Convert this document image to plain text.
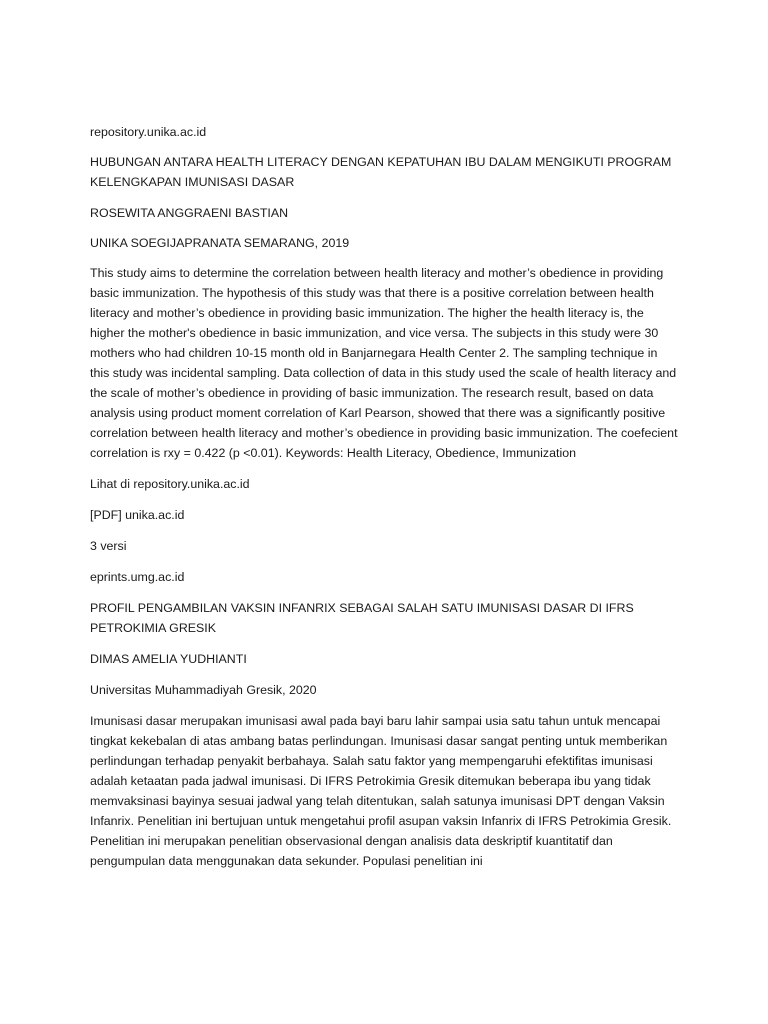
repository.unika.ac.id

HUBUNGAN ANTARA HEALTH LITERACY DENGAN KEPATUHAN IBU DALAM MENGIKUTI PROGRAM KELENGKAPAN IMUNISASI DASAR

ROSEWITA ANGGRAENI BASTIAN

UNIKA SOEGIJAPRANATA SEMARANG, 2019

This study aims to determine the correlation between health literacy and mother’s obedience in providing basic immunization. The hypothesis of this study was that there is a positive correlation between health literacy and mother’s obedience in providing basic immunization. The higher the health literacy is, the higher the mother's obedience in basic immunization, and vice versa. The subjects in this study were 30 mothers who had children 10-15 month old in Banjarnegara Health Center 2. The sampling technique in this study was incidental sampling. Data collection of data in this study used the scale of health literacy and the scale of mother’s obedience in providing of basic immunization. The research result, based on data analysis using product moment correlation of Karl Pearson, showed that there was a significantly positive correlation between health literacy and mother’s obedience in providing basic immunization. The coefecient correlation is rxy = 0.422 (p <0.01). Keywords: Health Literacy, Obedience, Immunization

Lihat di repository.unika.ac.id

[PDF] unika.ac.id

3 versi

eprints.umg.ac.id

PROFIL PENGAMBILAN VAKSIN INFANRIX SEBAGAI SALAH SATU IMUNISASI DASAR DI IFRS PETROKIMIA GRESIK

DIMAS AMELIA YUDHIANTI

Universitas Muhammadiyah Gresik, 2020

Imunisasi dasar merupakan imunisasi awal pada bayi baru lahir sampai usia satu tahun untuk mencapai tingkat kekebalan di atas ambang batas perlindungan. Imunisasi dasar sangat penting untuk memberikan perlindungan terhadap penyakit berbahaya. Salah satu faktor yang mempengaruhi efektifitas imunisasi adalah ketaatan pada jadwal imunisasi. Di IFRS Petrokimia Gresik ditemukan beberapa ibu yang tidak memvaksinasi bayinya sesuai jadwal yang telah ditentukan, salah satunya imunisasi DPT dengan Vaksin Infanrix. Penelitian ini bertujuan untuk mengetahui profil asupan vaksin Infanrix di IFRS Petrokimia Gresik. Penelitian ini merupakan penelitian observasional dengan analisis data deskriptif kuantitatif dan pengumpulan data menggunakan data sekunder. Populasi penelitian ini
